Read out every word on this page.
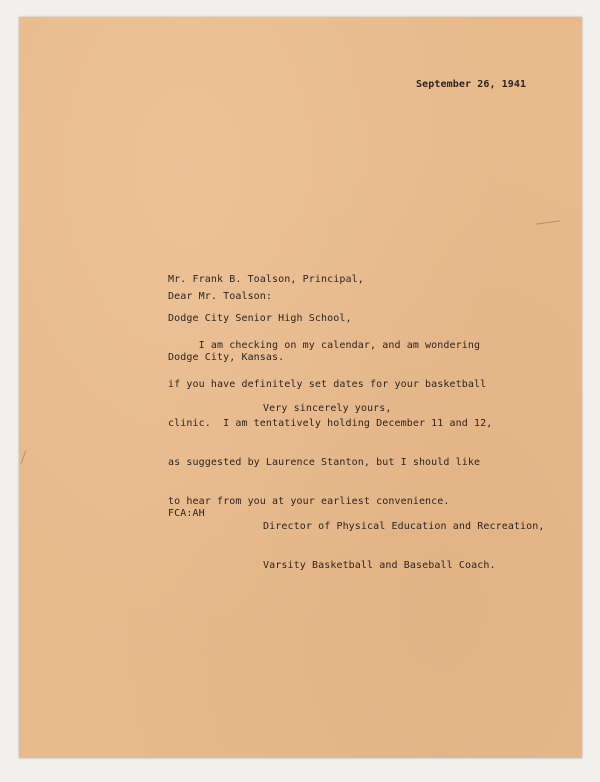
September 26, 1941

Mr. Frank B. Toalson, Principal,

Dodge City Senior High School,

Dodge City, Kansas.

Dear Mr. Toalson:

I am checking on my calendar, and am wondering

if you have definitely set dates for your basketball

clinic.  I am tentatively holding December 11 and 12,

as suggested by Laurence Stanton, but I should like

to hear from you at your earliest convenience.

Very sincerely yours,

Director of Physical Education and Recreation,

Varsity Basketball and Baseball Coach.

FCA:AH
